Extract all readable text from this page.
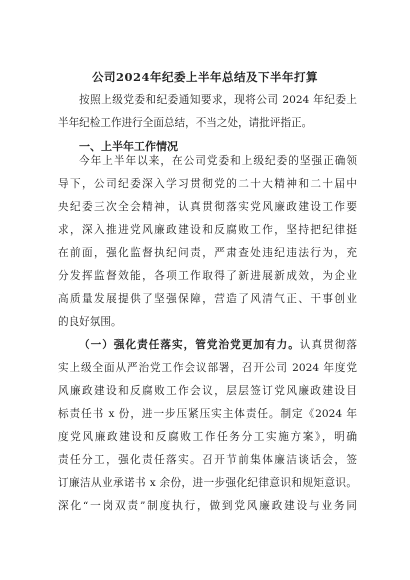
公司2024年纪委上半年总结及下半年打算
按照上级党委和纪委通知要求，现将公司 2024 年纪委上
半年纪检工作进行全面总结，不当之处，请批评指正。
一、上半年工作情况
今年上半年以来，在公司党委和上级纪委的坚强正确领
导下，公司纪委深入学习贯彻党的二十大精神和二十届中
央纪委三次全会精神，认真贯彻落实党风廉政建设工作要
求，深入推进党风廉政建设和反腐败工作，坚持把纪律挺
在前面，强化监督执纪问责，严肃查处违纪违法行为，充
分发挥监督效能，各项工作取得了新进展新成效，为企业
高质量发展提供了坚强保障，营造了风清气正、干事创业
的良好氛围。
（一）强化责任落实，管党治党更加有力。认真贯彻落
实上级全面从严治党工作会议部署，召开公司 2024 年度党
风廉政建设和反腐败工作会议，层层签订党风廉政建设目
标责任书 x 份，进一步压紧压实主体责任。制定《2024 年
度党风廉政建设和反腐败工作任务分工实施方案》，明确
责任分工，强化责任落实。召开节前集体廉洁谈话会，签
订廉洁从业承诺书 x 余份，进一步强化纪律意识和规矩意识。
深化“一岗双责”制度执行，做到党风廉政建设与业务同
